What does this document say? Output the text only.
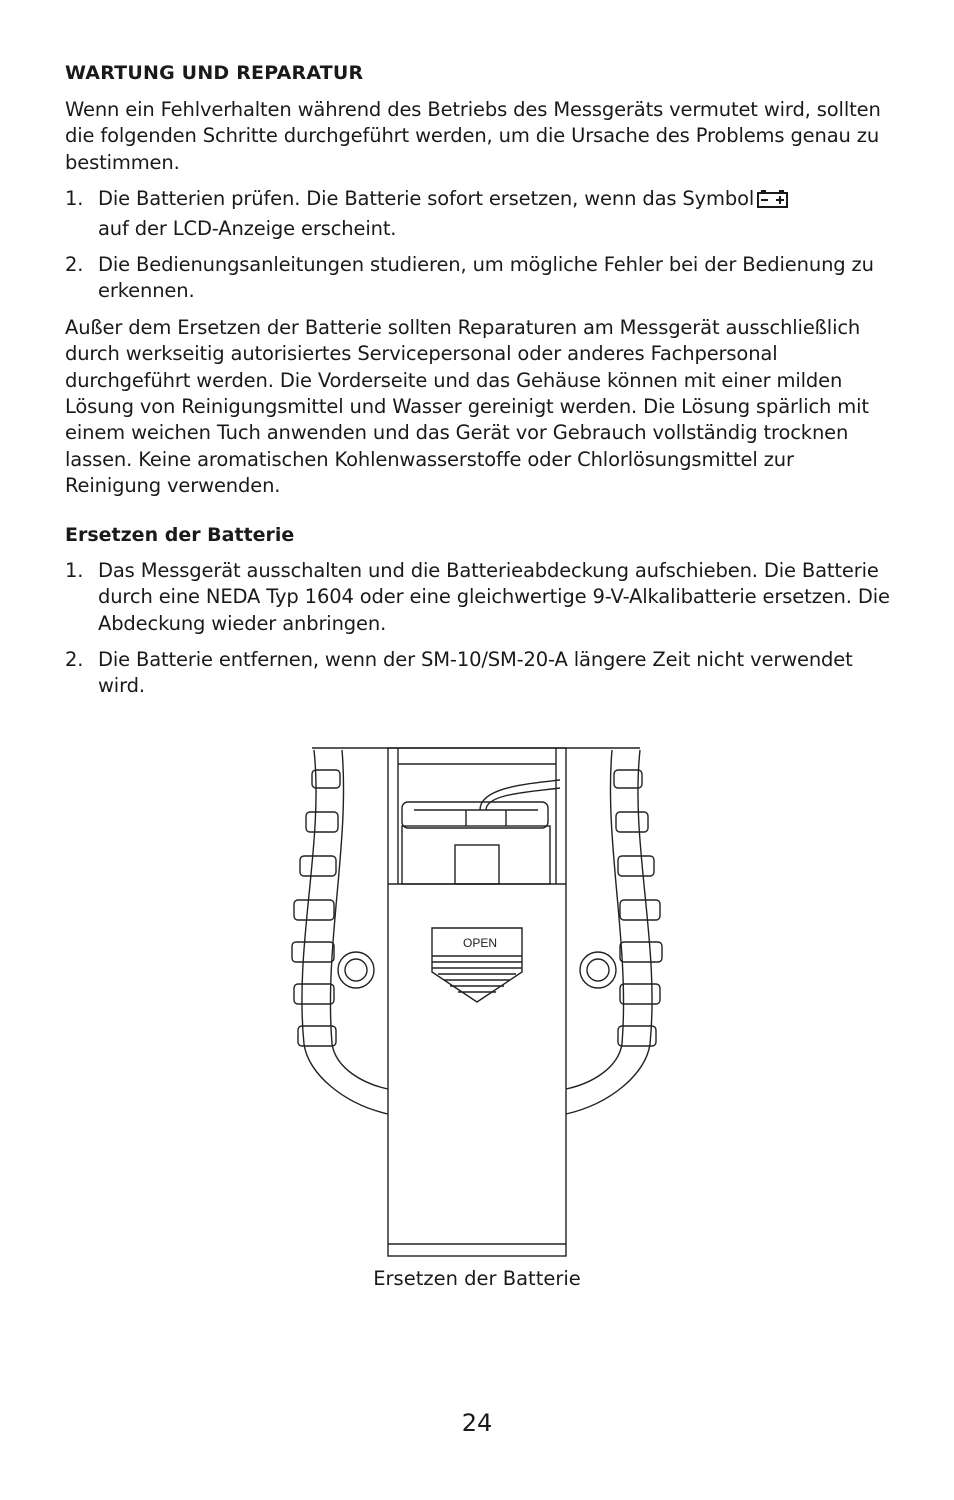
WARTUNG UND REPARATUR

Wenn ein Fehlverhalten während des Betriebs des Messgeräts vermutet wird, sollten die folgenden Schritte durchgeführt werden, um die Ursache des Problems genau zu bestimmen.

1. Die Batterien prüfen. Die Batterie sofort ersetzen, wenn das Symbol
auf der LCD-Anzeige erscheint.
2. Die Bedienungsanleitungen studieren, um mögliche Fehler bei der Bedienung zu erkennen.

Außer dem Ersetzen der Batterie sollten Reparaturen am Messgerät ausschließlich durch werkseitig autorisiertes Servicepersonal oder anderes Fachpersonal durchgeführt werden. Die Vorderseite und das Gehäuse können mit einer milden Lösung von Reinigungsmittel und Wasser gereinigt werden. Die Lösung spärlich mit einem weichen Tuch anwenden und das Gerät vor Gebrauch vollständig trocknen lassen. Keine aromatischen Kohlenwasserstoffe oder Chlorlösungsmittel zur Reinigung verwenden.

Ersetzen der Batterie
1. Das Messgerät ausschalten und die Batterieabdeckung aufschieben. Die Batterie durch eine NEDA Typ 1604 oder eine gleichwertige 9-V-Alkalibatterie ersetzen. Die Abdeckung wieder anbringen.
2. Die Batterie entfernen, wenn der SM-10/SM-20-A längere Zeit nicht verwendet wird.
OPEN
Ersetzen der Batterie
24
